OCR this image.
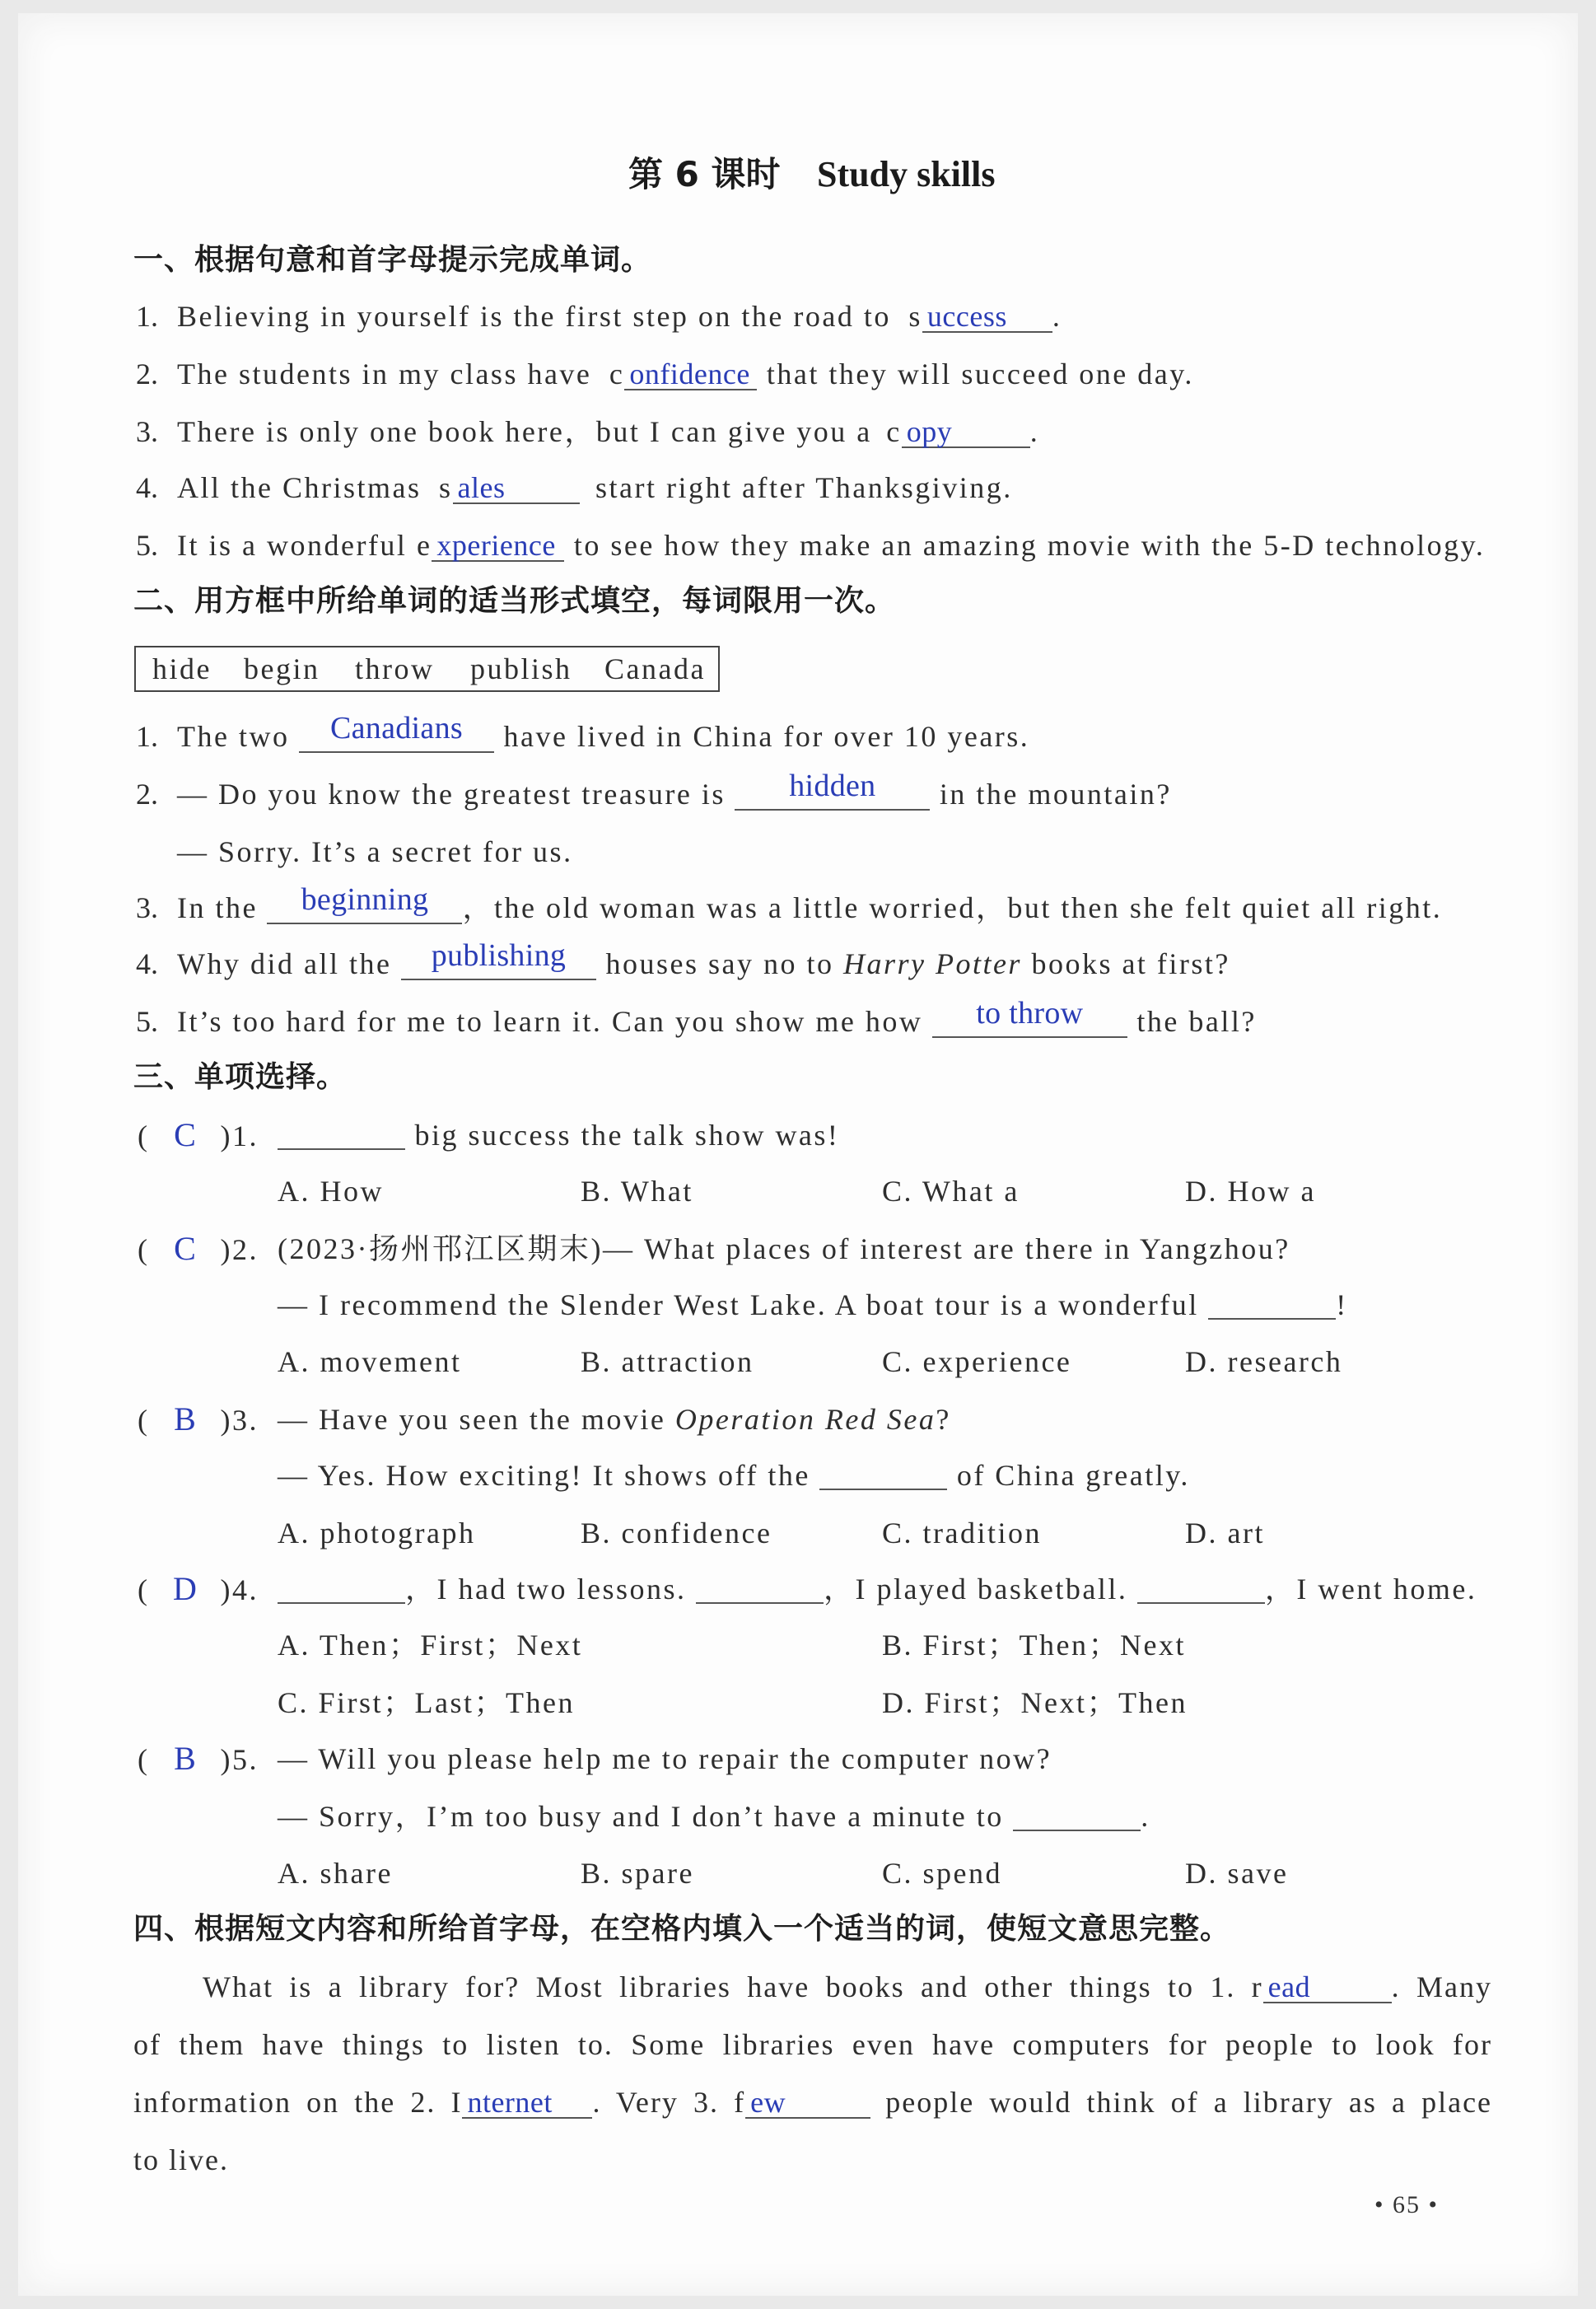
第 6 课时 Study skills
一、根据句意和首字母提示完成单词。
1. Believing in yourself is the first step on the road to s uccess .
2. The students in my class have c onfidence that they will succeed one day.
3. There is only one book here，but I can give you a c opy	.
4. All the Christmas s ales	start right after Thanksgiving.
5. It is a wonderful e xperience to see how they make an amazing movie with the 5-D technology.
二、用方框中所给单词的适当形式填空，每词限用一次。
hide begin throw publish Canada
1. The two Canadians have lived in China for over 10 years.
2. — Do you know the greatest treasure is hidden in the mountain?
— Sorry. It’s a secret for us.
3. In the beginning ，the old woman was a little worried，but then she felt quiet all right.
4. Why did all the publishing houses say no to Harry Potter books at first?
5. It’s too hard for me to learn it. Can you show me how to throw the ball?
三、单项选择。
( C )1.	big success the talk show was!
A. How	B. What	C. What a	D. How a
( C )2. (2023·扬州邗江区期末)— What places of interest are there in Yangzhou?
— I recommend the Slender West Lake. A boat tour is a wonderful	!
A. movement	B. attraction	C. experience	D. research
( B )3. — Have you seen the movie Operation Red Sea?
— Yes. How exciting! It shows off the	of China greatly.
A. photograph	B. confidence	C. tradition	D. art
( D )4.	，I had two lessons.	，I played basketball.	，I went home.
A. Then；First；Next	B. First；Then；Next
C. First；Last；Then	D. First；Next；Then
( B )5. — Will you please help me to repair the computer now?
— Sorry，I’m too busy and I don’t have a minute to	.
A. share	B. spare	C. spend	D. save
四、根据短文内容和所给首字母，在空格内填入一个适当的词，使短文意思完整。
What is a library for? Most libraries have books and other things to 1. r ead	. Many
of them have things to listen to. Some libraries even have computers for people to look for
information on the 2. I nternet . Very 3. f ew	people would think of a library as a place
to live.
• 65 •
